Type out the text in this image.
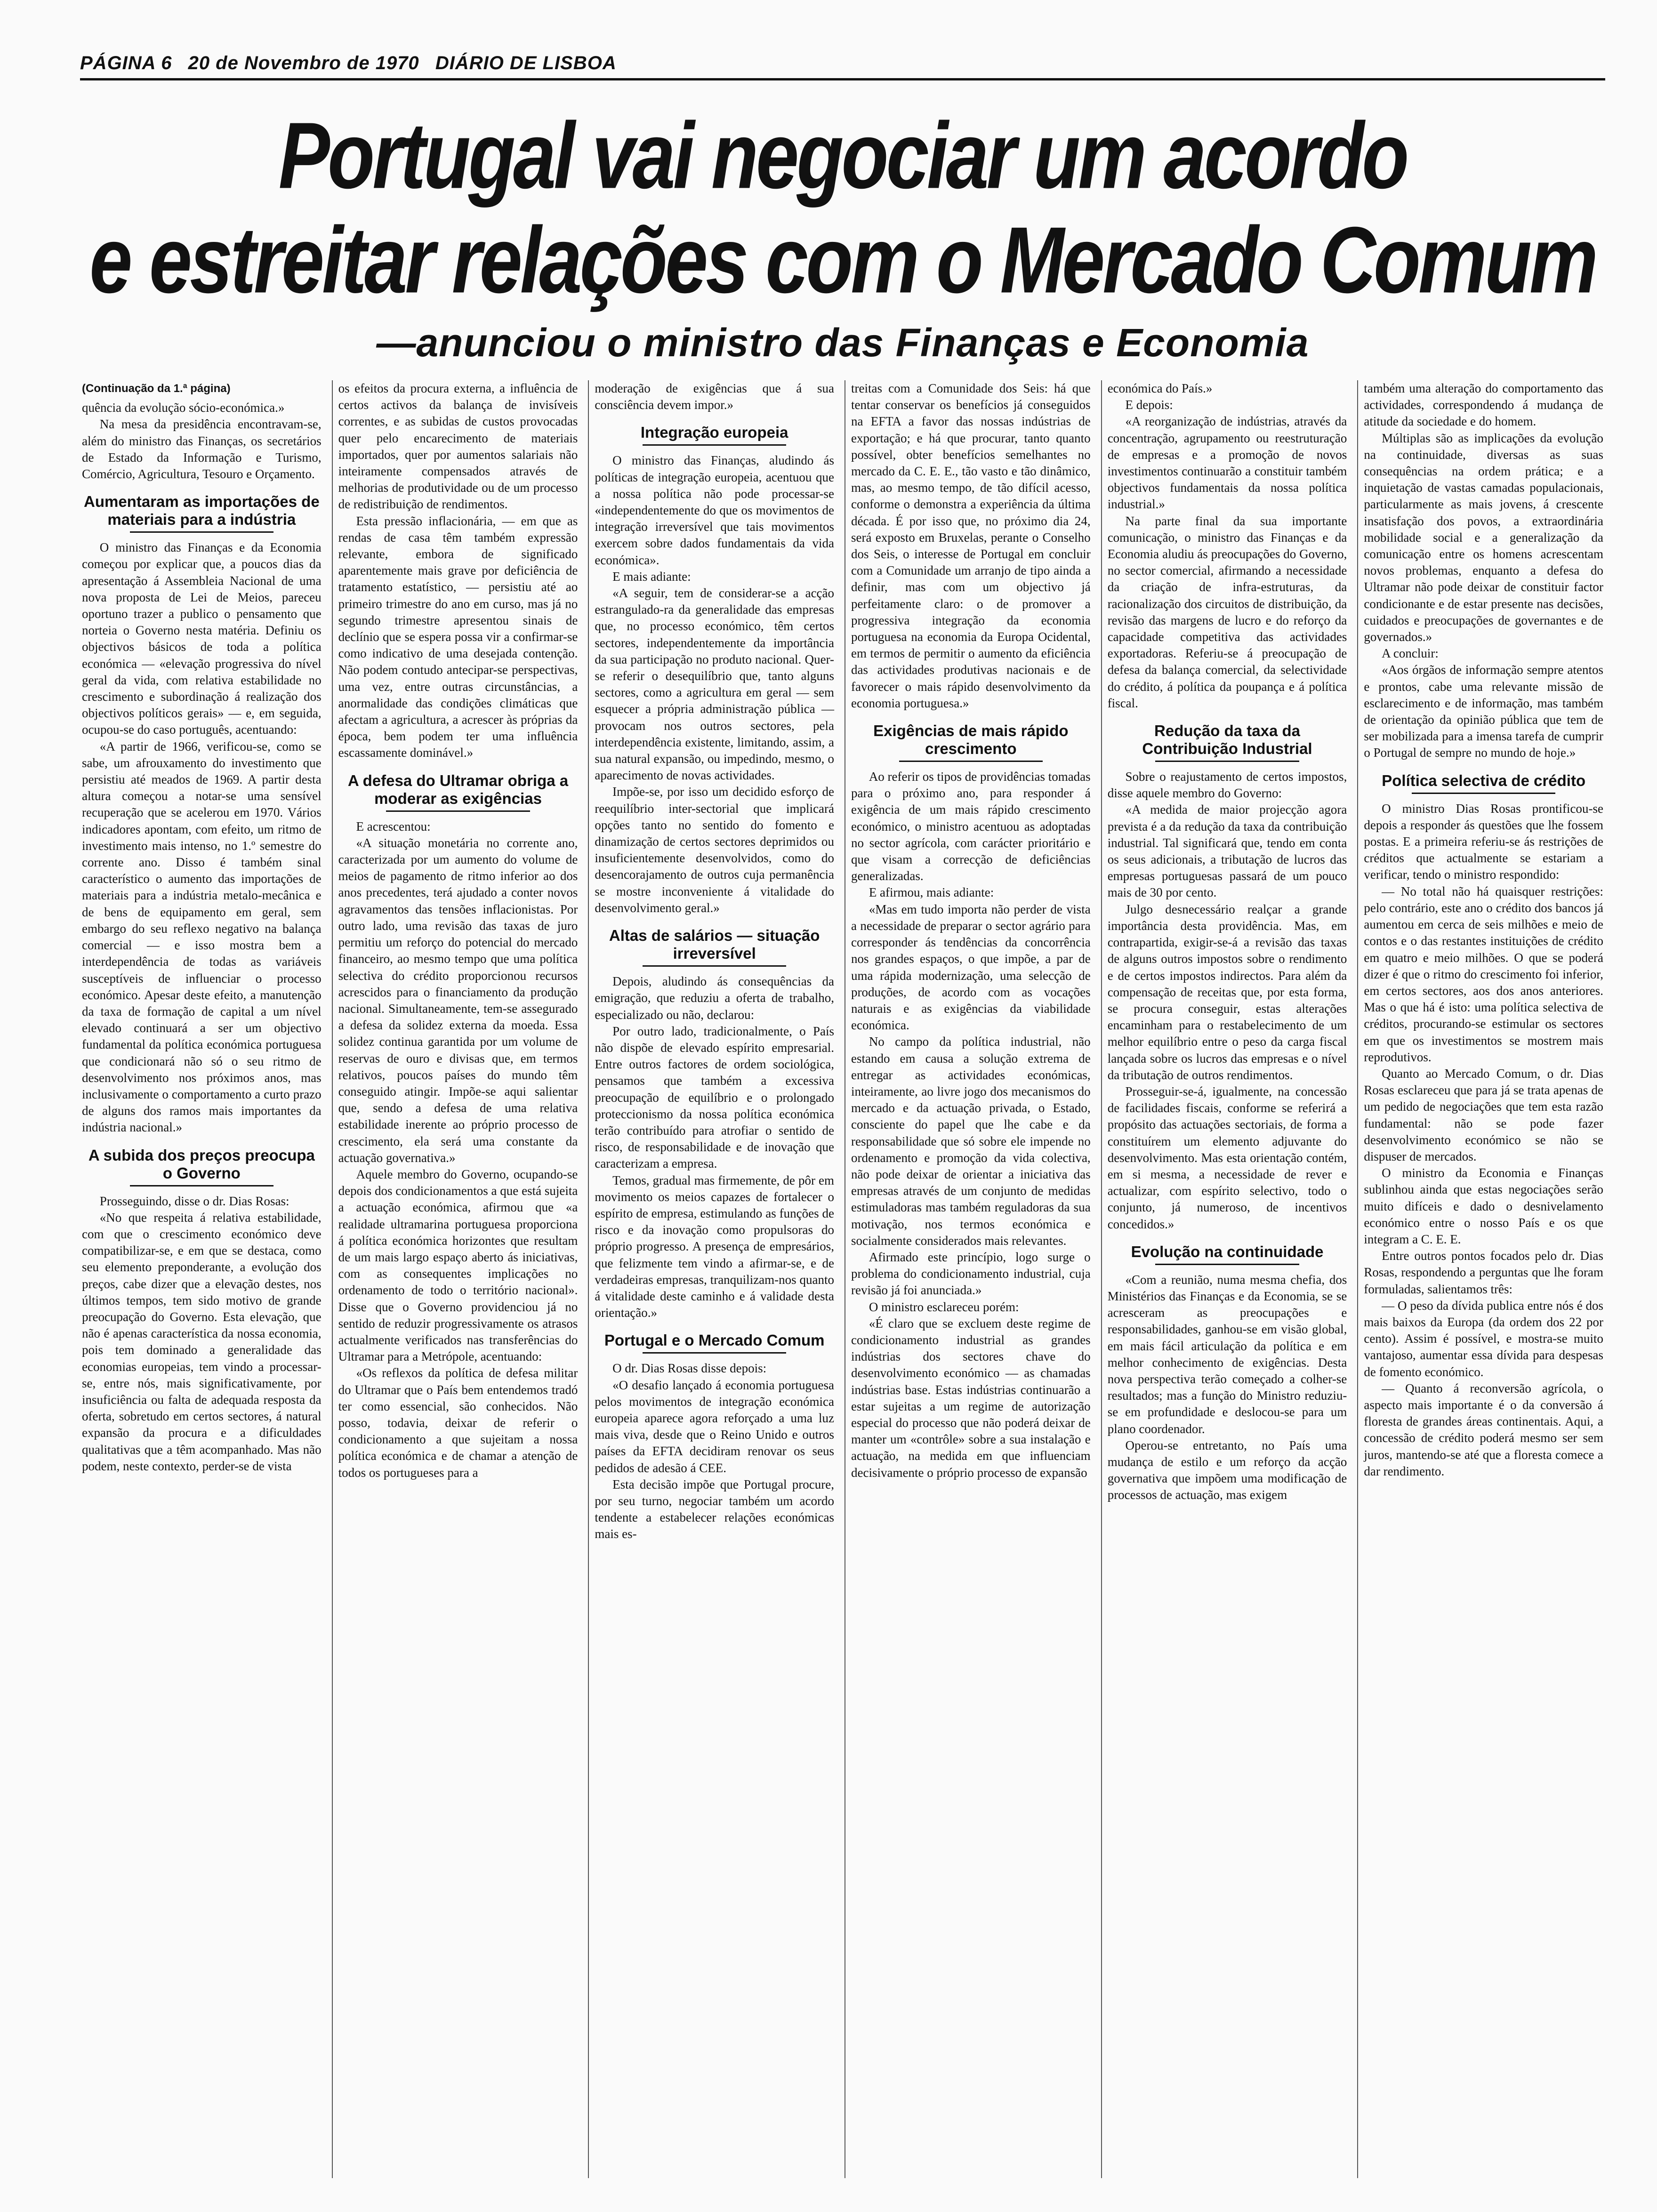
PÁGINA 6 20 de Novembro de 1970 DIÁRIO DE LISBOA
Portugal vai negociar um acordo
e estreitar relações com o Mercado Comum
—anunciou o ministro das Finanças e Economia
(Continuação da 1.ª página)

quência da evolução sócio-económica.»

Na mesa da presidência encontravam-se, além do ministro das Finanças, os secretários de Estado da Informação e Turismo, Comércio, Agricultura, Tesouro e Orçamento.

Aumentaram as importações de materiais para a indústria

O ministro das Finanças e da Economia começou por explicar que, a poucos dias da apresentação á Assembleia Nacional de uma nova proposta de Lei de Meios, pareceu oportuno trazer a publico o pensamento que norteia o Governo nesta matéria. Definiu os objectivos básicos de toda a política económica — «elevação progressiva do nível geral da vida, com relativa estabilidade no crescimento e subordinação á realização dos objectivos políticos gerais» — e, em seguida, ocupou-se do caso português, acentuando:

«A partir de 1966, verificou-se, como se sabe, um afrouxamento do investimento que persistiu até meados de 1969. A partir desta altura começou a notar-se uma sensível recuperação que se acelerou em 1970. Vários indicadores apontam, com efeito, um ritmo de investimento mais intenso, no 1.º semestre do corrente ano. Disso é também sinal característico o aumento das importações de materiais para a indústria metalo-mecânica e de bens de equipamento em geral, sem embargo do seu reflexo negativo na balança comercial — e isso mostra bem a interdependência de todas as variáveis susceptíveis de influenciar o processo económico. Apesar deste efeito, a manutenção da taxa de formação de capital a um nível elevado continuará a ser um objectivo fundamental da política económica portuguesa que condicionará não só o seu ritmo de desenvolvimento nos próximos anos, mas inclusivamente o comportamento a curto prazo de alguns dos ramos mais importantes da indústria nacional.»

A subida dos preços preocupa o Governo

Prosseguindo, disse o dr. Dias Rosas:

«No que respeita á relativa estabilidade, com que o crescimento económico deve compatibilizar-se, e em que se destaca, como seu elemento preponderante, a evolução dos preços, cabe dizer que a elevação destes, nos últimos tempos, tem sido motivo de grande preocupação do Governo. Esta elevação, que não é apenas característica da nossa economia, pois tem dominado a generalidade das economias europeias, tem vindo a processar-se, entre nós, mais significativamente, por insuficiência ou falta de adequada resposta da oferta, sobretudo em certos sectores, á natural expansão da procura e a dificuldades qualitativas que a têm acompanhado. Mas não podem, neste contexto, perder-se de vista

os efeitos da procura externa, a influência de certos activos da balança de invisíveis correntes, e as subidas de custos provocadas quer pelo encarecimento de materiais importados, quer por aumentos salariais não inteiramente compensados através de melhorias de produtividade ou de um processo de redistribuição de rendimentos.

Esta pressão inflacionária, — em que as rendas de casa têm também expressão relevante, embora de significado aparentemente mais grave por deficiência de tratamento estatístico, — persistiu até ao primeiro trimestre do ano em curso, mas já no segundo trimestre apresentou sinais de declínio que se espera possa vir a confirmar-se como indicativo de uma desejada contenção. Não podem contudo antecipar-se perspectivas, uma vez, entre outras circunstâncias, a anormalidade das condições climáticas que afectam a agricultura, a acrescer às próprias da época, bem podem ter uma influência escassamente dominável.»

A defesa do Ultramar obriga a moderar as exigências

E acrescentou:

«A situação monetária no corrente ano, caracterizada por um aumento do volume de meios de pagamento de ritmo inferior ao dos anos precedentes, terá ajudado a conter novos agravamentos das tensões inflacionistas. Por outro lado, uma revisão das taxas de juro permitiu um reforço do potencial do mercado financeiro, ao mesmo tempo que uma política selectiva do crédito proporcionou recursos acrescidos para o financiamento da produção nacional. Simultaneamente, tem-se assegurado a defesa da solidez externa da moeda. Essa solidez continua garantida por um volume de reservas de ouro e divisas que, em termos relativos, poucos países do mundo têm conseguido atingir. Impõe-se aqui salientar que, sendo a defesa de uma relativa estabilidade inerente ao próprio processo de crescimento, ela será uma constante da actuação governativa.»

Aquele membro do Governo, ocupando-se depois dos condicionamentos a que está sujeita a actuação económica, afirmou que «a realidade ultramarina portuguesa proporciona á política económica horizontes que resultam de um mais largo espaço aberto ás iniciativas, com as consequentes implicações no ordenamento de todo o território nacional». Disse que o Governo providenciou já no sentido de reduzir progressivamente os atrasos actualmente verificados nas transferências do Ultramar para a Metrópole, acentuando:

«Os reflexos da política de defesa militar do Ultramar que o País bem entendemos tradó ter como essencial, são conhecidos. Não posso, todavia, deixar de referir o condicionamento a que sujeitam a nossa política económica e de chamar a atenção de todos os portugueses para a

moderação de exigências que á sua consciência devem impor.»

Integração europeia

O ministro das Finanças, aludindo ás políticas de integração europeia, acentuou que a nossa política não pode processar-se «independentemente do que os movimentos de integração irreversível que tais movimentos exercem sobre dados fundamentais da vida económica».

E mais adiante:

«A seguir, tem de considerar-se a acção estrangulado-ra da generalidade das empresas que, no processo económico, têm certos sectores, independentemente da importância da sua participação no produto nacional. Quer-se referir o desequilíbrio que, tanto alguns sectores, como a agricultura em geral — sem esquecer a própria administração pública — provocam nos outros sectores, pela interdependência existente, limitando, assim, a sua natural expansão, ou impedindo, mesmo, o aparecimento de novas actividades.

Impõe-se, por isso um decidido esforço de reequilíbrio inter-sectorial que implicará opções tanto no sentido do fomento e dinamização de certos sectores deprimidos ou insuficientemente desenvolvidos, como do desencorajamento de outros cuja permanência se mostre inconveniente á vitalidade do desenvolvimento geral.»

Altas de salários — situação irreversível

Depois, aludindo ás consequências da emigração, que reduziu a oferta de trabalho, especializado ou não, declarou:

Por outro lado, tradicionalmente, o País não dispõe de elevado espírito empresarial. Entre outros factores de ordem sociológica, pensamos que também a excessiva preocupação de equilíbrio e o prolongado proteccionismo da nossa política económica terão contribuído para atrofiar o sentido de risco, de responsabilidade e de inovação que caracterizam a empresa.

Temos, gradual mas firmemente, de pôr em movimento os meios capazes de fortalecer o espírito de empresa, estimulando as funções de risco e da inovação como propulsoras do próprio progresso. A presença de empresários, que felizmente tem vindo a afirmar-se, e de verdadeiras empresas, tranquilizam-nos quanto á vitalidade deste caminho e á validade desta orientação.»

Portugal e o Mercado Comum

O dr. Dias Rosas disse depois:

«O desafio lançado á economia portuguesa pelos movimentos de integração económica europeia aparece agora reforçado a uma luz mais viva, desde que o Reino Unido e outros países da EFTA decidiram renovar os seus pedidos de adesão á CEE.

Esta decisão impõe que Portugal procure, por seu turno, negociar também um acordo tendente a estabelecer relações económicas mais es-

treitas com a Comunidade dos Seis: há que tentar conservar os benefícios já conseguidos na EFTA a favor das nossas indústrias de exportação; e há que procurar, tanto quanto possível, obter benefícios semelhantes no mercado da C. E. E., tão vasto e tão dinâmico, mas, ao mesmo tempo, de tão difícil acesso, conforme o demonstra a experiência da última década. É por isso que, no próximo dia 24, será exposto em Bruxelas, perante o Conselho dos Seis, o interesse de Portugal em concluir com a Comunidade um arranjo de tipo ainda a definir, mas com um objectivo já perfeitamente claro: o de promover a progressiva integração da economia portuguesa na economia da Europa Ocidental, em termos de permitir o aumento da eficiência das actividades produtivas nacionais e de favorecer o mais rápido desenvolvimento da economia portuguesa.»

Exigências de mais rápido crescimento

Ao referir os tipos de providências tomadas para o próximo ano, para responder á exigência de um mais rápido crescimento económico, o ministro acentuou as adoptadas no sector agrícola, com carácter prioritário e que visam a correcção de deficiências generalizadas.

E afirmou, mais adiante:

«Mas em tudo importa não perder de vista a necessidade de preparar o sector agrário para corresponder ás tendências da concorrência nos grandes espaços, o que impõe, a par de uma rápida modernização, uma selecção de produções, de acordo com as vocações naturais e as exigências da viabilidade económica.

No campo da política industrial, não estando em causa a solução extrema de entregar as actividades económicas, inteiramente, ao livre jogo dos mecanismos do mercado e da actuação privada, o Estado, consciente do papel que lhe cabe e da responsabilidade que só sobre ele impende no ordenamento e promoção da vida colectiva, não pode deixar de orientar a iniciativa das empresas através de um conjunto de medidas estimuladoras mas também reguladoras da sua motivação, nos termos económica e socialmente considerados mais relevantes.

Afirmado este princípio, logo surge o problema do condicionamento industrial, cuja revisão já foi anunciada.»

O ministro esclareceu porém:

«É claro que se excluem deste regime de condicionamento industrial as grandes indústrias dos sectores chave do desenvolvimento económico — as chamadas indústrias base. Estas indústrias continuarão a estar sujeitas a um regime de autorização especial do processo que não poderá deixar de manter um «contrôle» sobre a sua instalação e actuação, na medida em que influenciam decisivamente o próprio processo de expansão

económica do País.»

E depois:

«A reorganização de indústrias, através da concentração, agrupamento ou reestruturação de empresas e a promoção de novos investimentos continuarão a constituir também objectivos fundamentais da nossa política industrial.»

Na parte final da sua importante comunicação, o ministro das Finanças e da Economia aludiu ás preocupações do Governo, no sector comercial, afirmando a necessidade da criação de infra-estruturas, da racionalização dos circuitos de distribuição, da revisão das margens de lucro e do reforço da capacidade competitiva das actividades exportadoras. Referiu-se á preocupação de defesa da balança comercial, da selectividade do crédito, á política da poupança e á política fiscal.

Redução da taxa da Contribuição Industrial

Sobre o reajustamento de certos impostos, disse aquele membro do Governo:

«A medida de maior projecção agora prevista é a da redução da taxa da contribuição industrial. Tal significará que, tendo em conta os seus adicionais, a tributação de lucros das empresas portuguesas passará de um pouco mais de 30 por cento.

Julgo desnecessário realçar a grande importância desta providência. Mas, em contrapartida, exigir-se-á a revisão das taxas de alguns outros impostos sobre o rendimento e de certos impostos indirectos. Para além da compensação de receitas que, por esta forma, se procura conseguir, estas alterações encaminham para o restabelecimento de um melhor equilíbrio entre o peso da carga fiscal lançada sobre os lucros das empresas e o nível da tributação de outros rendimentos.

Prosseguir-se-á, igualmente, na concessão de facilidades fiscais, conforme se referirá a propósito das actuações sectoriais, de forma a constituírem um elemento adjuvante do desenvolvimento. Mas esta orientação contém, em si mesma, a necessidade de rever e actualizar, com espírito selectivo, todo o conjunto, já numeroso, de incentivos concedidos.»

Evolução na continuidade

«Com a reunião, numa mesma chefia, dos Ministérios das Finanças e da Economia, se se acresceram as preocupações e responsabilidades, ganhou-se em visão global, em mais fácil articulação da política e em melhor conhecimento de exigências. Desta nova perspectiva terão começado a colher-se resultados; mas a função do Ministro reduziu-se em profundidade e deslocou-se para um plano coordenador.

Operou-se entretanto, no País uma mudança de estilo e um reforço da acção governativa que impõem uma modificação de processos de actuação, mas exigem

também uma alteração do comportamento das actividades, correspondendo á mudança de atitude da sociedade e do homem.

Múltiplas são as implicações da evolução na continuidade, diversas as suas consequências na ordem prática; e a inquietação de vastas camadas populacionais, particularmente as mais jovens, á crescente insatisfação dos povos, a extraordinária mobilidade social e a generalização da comunicação entre os homens acrescentam novos problemas, enquanto a defesa do Ultramar não pode deixar de constituir factor condicionante e de estar presente nas decisões, cuidados e preocupações de governantes e de governados.»

A concluir:

«Aos órgãos de informação sempre atentos e prontos, cabe uma relevante missão de esclarecimento e de informação, mas também de orientação da opinião pública que tem de ser mobilizada para a imensa tarefa de cumprir o Portugal de sempre no mundo de hoje.»

Política selectiva de crédito

O ministro Dias Rosas prontificou-se depois a responder ás questões que lhe fossem postas. E a primeira referiu-se ás restrições de créditos que actualmente se estariam a verificar, tendo o ministro respondido:

— No total não há quaisquer restrições: pelo contrário, este ano o crédito dos bancos já aumentou em cerca de seis milhões e meio de contos e o das restantes instituições de crédito em quatro e meio milhões. O que se poderá dizer é que o ritmo do crescimento foi inferior, em certos sectores, aos dos anos anteriores. Mas o que há é isto: uma política selectiva de créditos, procurando-se estimular os sectores em que os investimentos se mostrem mais reprodutivos.

Quanto ao Mercado Comum, o dr. Dias Rosas esclareceu que para já se trata apenas de um pedido de negociações que tem esta razão fundamental: não se pode fazer desenvolvimento económico se não se dispuser de mercados.

O ministro da Economia e Finanças sublinhou ainda que estas negociações serão muito difíceis e dado o desnivelamento económico entre o nosso País e os que integram a C. E. E.

Entre outros pontos focados pelo dr. Dias Rosas, respondendo a perguntas que lhe foram formuladas, salientamos três:

— O peso da dívida publica entre nós é dos mais baixos da Europa (da ordem dos 22 por cento). Assim é possível, e mostra-se muito vantajoso, aumentar essa dívida para despesas de fomento económico.

— Quanto á reconversão agrícola, o aspecto mais importante é o da conversão á floresta de grandes áreas continentais. Aqui, a concessão de crédito poderá mesmo ser sem juros, mantendo-se até que a floresta comece a dar rendimento.
